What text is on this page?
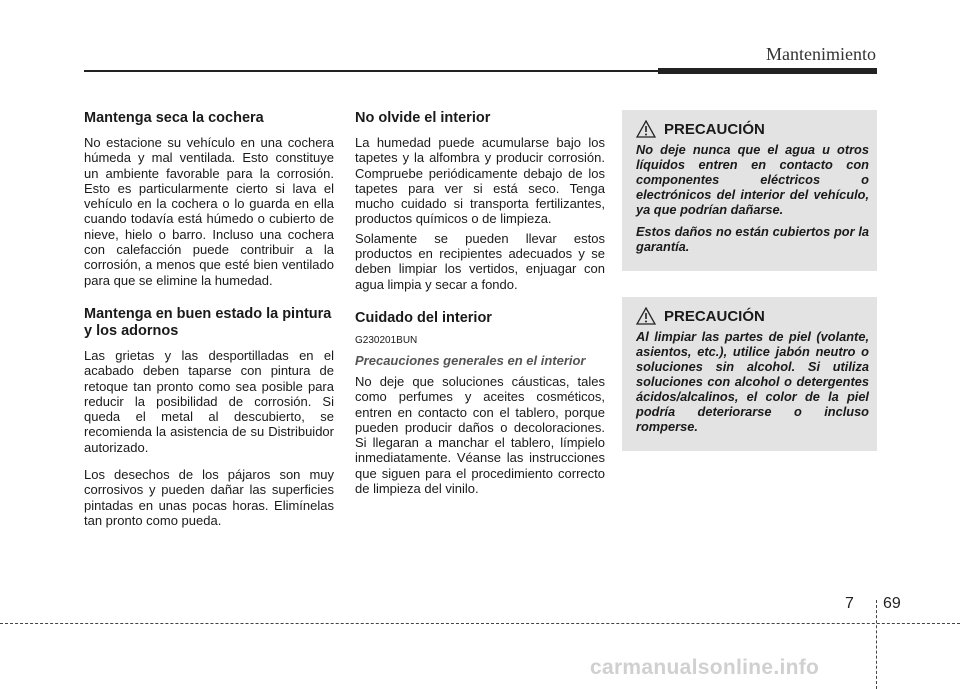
Mantenimiento
Mantenga seca la cochera

No estacione su vehículo en una cochera húmeda y mal ventilada. Esto constituye un ambiente favorable para la corrosión. Esto es particularmente cierto si lava el vehículo en la cochera o lo guarda en ella cuando todavía está húmedo o cubierto de nieve, hielo o barro. Incluso una cochera con calefacción puede contribuir a la corrosión, a menos que esté bien ventilado para que se elimine la humedad.

Mantenga en buen estado la pintura y los adornos

Las grietas y las desportilladas en el acabado deben taparse con pintura de retoque tan pronto como sea posible para reducir la posibilidad de corrosión. Si queda el metal al descubierto, se recomienda la asistencia de su Distribuidor autorizado.

Los desechos de los pájaros son muy corrosivos y pueden dañar las superficies pintadas en unas pocas horas. Elimínelas tan pronto como pueda.

No olvide el interior

La humedad puede acumularse bajo los tapetes y la alfombra y producir corrosión. Compruebe periódicamente debajo de los tapetes para ver si está seco. Tenga mucho cuidado si transporta fertilizantes, productos químicos o de limpieza.

Solamente se pueden llevar estos productos en recipientes adecuados y se deben limpiar los vertidos, enjuagar con agua limpia y secar a fondo.

Cuidado del interior
G230201BUN
Precauciones generales en el interior

No deje que soluciones cáusticas, tales como perfumes y aceites cosméticos, entren en contacto con el tablero, porque pueden producir daños o decoloraciones. Si llegaran a manchar el tablero, límpielo inmediatamente. Véanse las instrucciones que siguen para el procedimiento correcto de limpieza del vinilo.

PRECAUCIÓN

No deje nunca que el agua u otros líquidos entren en contacto con componentes eléctricos o electrónicos del interior del vehículo, ya que podrían dañarse.

Estos daños no están cubiertos por la garantía.

PRECAUCIÓN

Al limpiar las partes de piel (volante, asientos, etc.), utilice jabón neutro o soluciones sin alcohol. Si utiliza soluciones con alcohol o detergentes ácidos/alcalinos, el color de la piel podría deteriorarse o incluso romperse.

7 69
carmanualsonline.info
